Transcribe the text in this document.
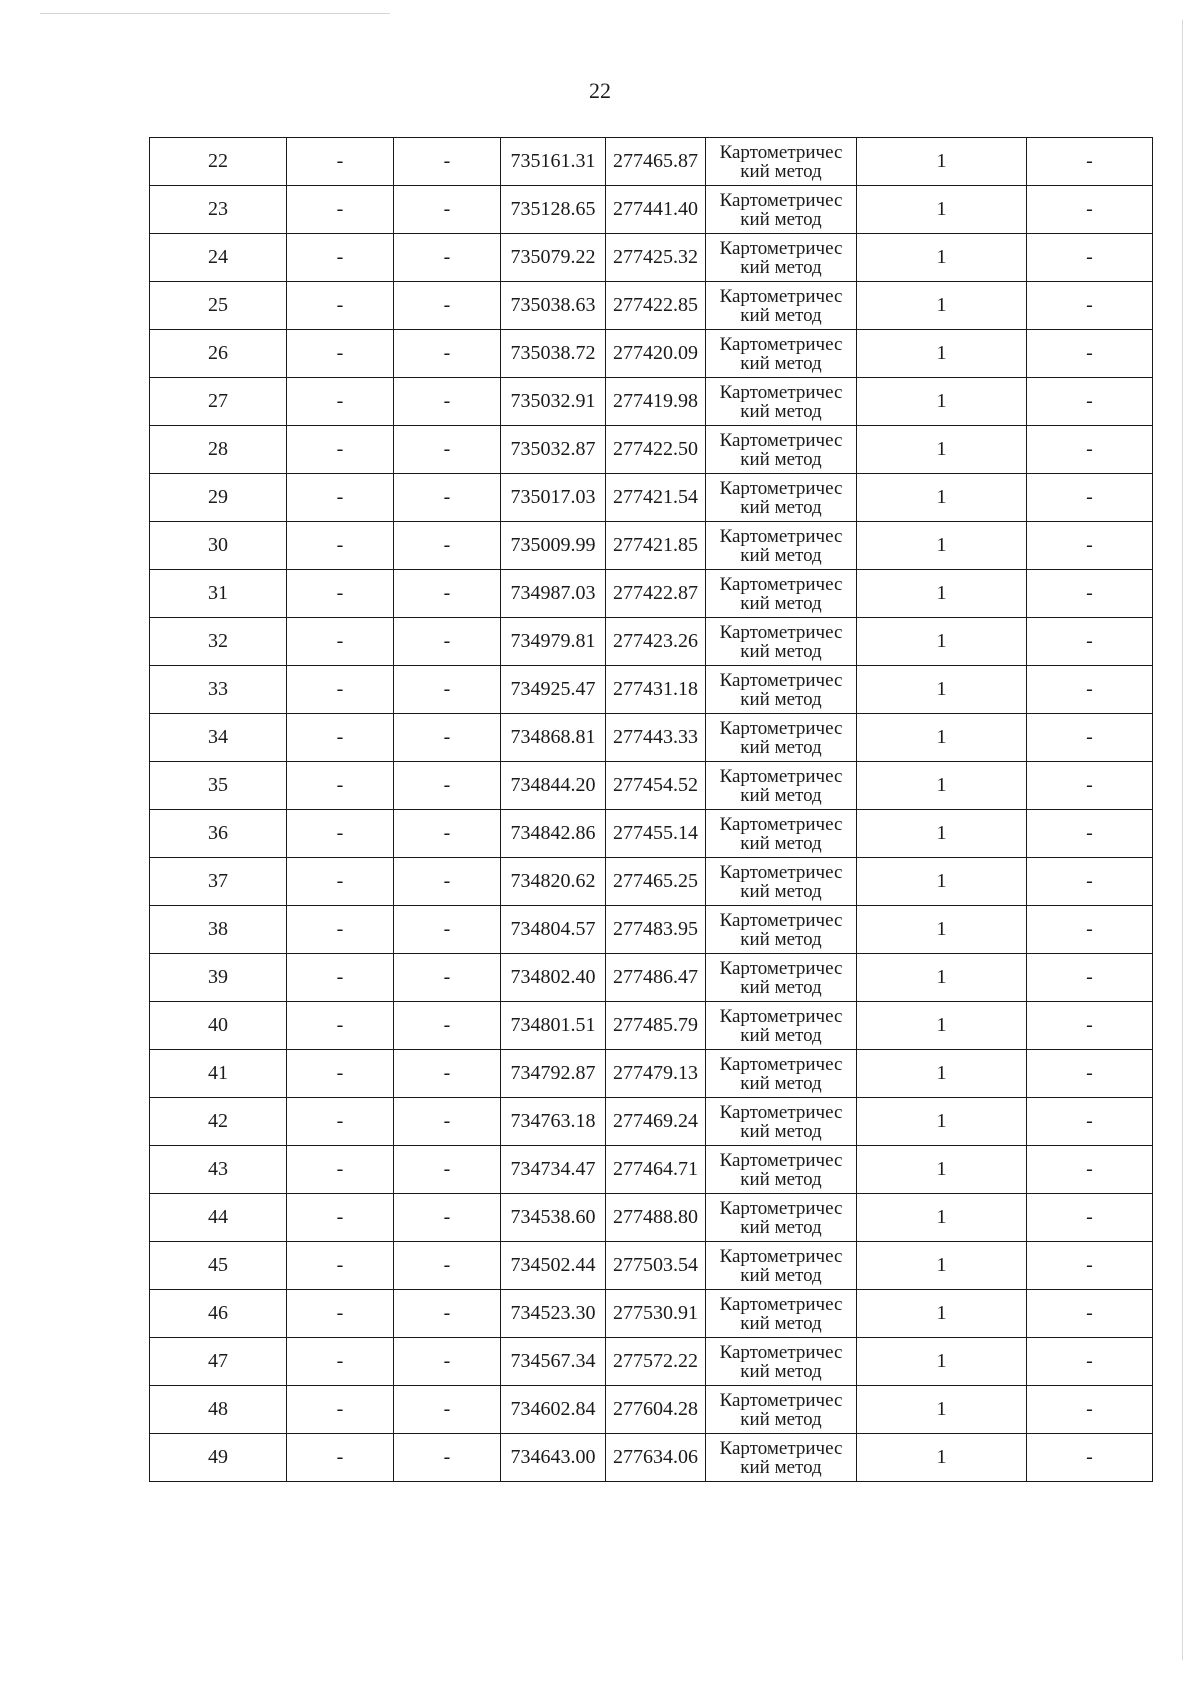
22
22	-	-	735161.31	277465.87	Картометричес
кий метод	1	-
23	-	-	735128.65	277441.40	Картометричес
кий метод	1	-
24	-	-	735079.22	277425.32	Картометричес
кий метод	1	-
25	-	-	735038.63	277422.85	Картометричес
кий метод	1	-
26	-	-	735038.72	277420.09	Картометричес
кий метод	1	-
27	-	-	735032.91	277419.98	Картометричес
кий метод	1	-
28	-	-	735032.87	277422.50	Картометричес
кий метод	1	-
29	-	-	735017.03	277421.54	Картометричес
кий метод	1	-
30	-	-	735009.99	277421.85	Картометричес
кий метод	1	-
31	-	-	734987.03	277422.87	Картометричес
кий метод	1	-
32	-	-	734979.81	277423.26	Картометричес
кий метод	1	-
33	-	-	734925.47	277431.18	Картометричес
кий метод	1	-
34	-	-	734868.81	277443.33	Картометричес
кий метод	1	-
35	-	-	734844.20	277454.52	Картометричес
кий метод	1	-
36	-	-	734842.86	277455.14	Картометричес
кий метод	1	-
37	-	-	734820.62	277465.25	Картометричес
кий метод	1	-
38	-	-	734804.57	277483.95	Картометричес
кий метод	1	-
39	-	-	734802.40	277486.47	Картометричес
кий метод	1	-
40	-	-	734801.51	277485.79	Картометричес
кий метод	1	-
41	-	-	734792.87	277479.13	Картометричес
кий метод	1	-
42	-	-	734763.18	277469.24	Картометричес
кий метод	1	-
43	-	-	734734.47	277464.71	Картометричес
кий метод	1	-
44	-	-	734538.60	277488.80	Картометричес
кий метод	1	-
45	-	-	734502.44	277503.54	Картометричес
кий метод	1	-
46	-	-	734523.30	277530.91	Картометричес
кий метод	1	-
47	-	-	734567.34	277572.22	Картометричес
кий метод	1	-
48	-	-	734602.84	277604.28	Картометричес
кий метод	1	-
49	-	-	734643.00	277634.06	Картометричес
кий метод	1	-
